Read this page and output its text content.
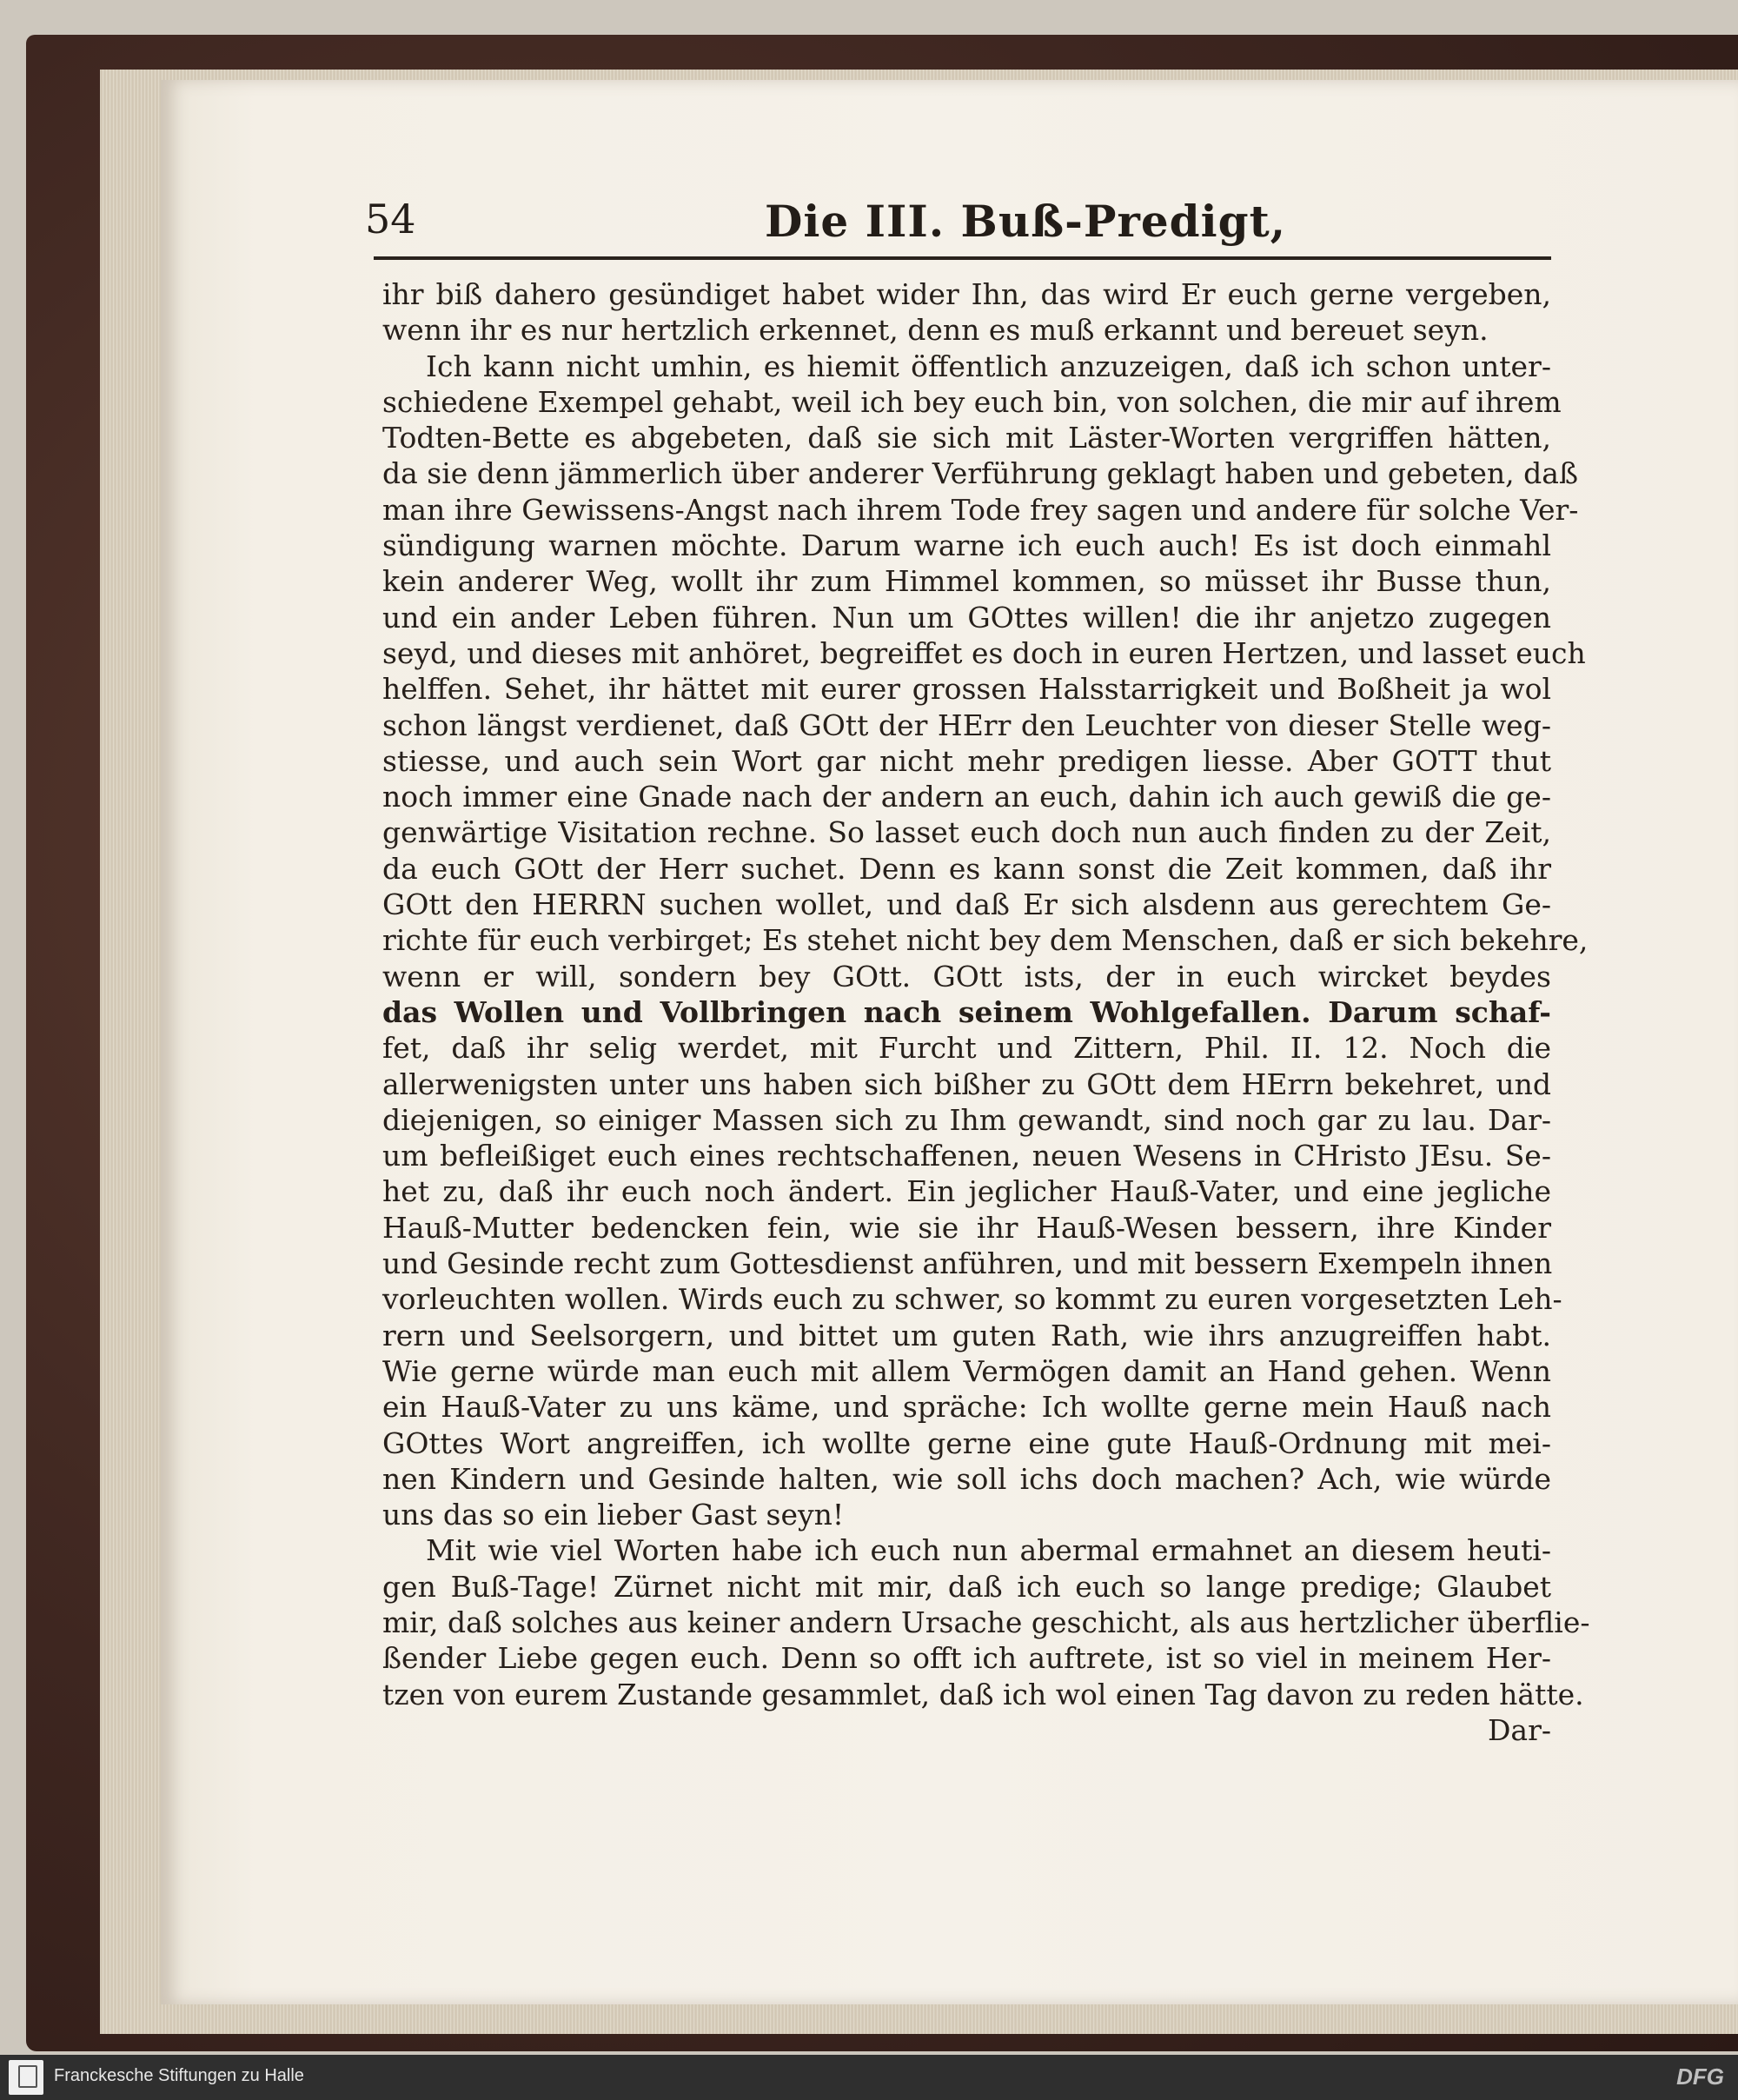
54	Die III. Buß-Predigt,
ihr biß dahero gesündiget habet wider Ihn, das wird Er euch gerne vergeben,
wenn ihr es nur hertzlich erkennet, denn es muß erkannt und bereuet seyn.
Ich kann nicht umhin, es hiemit öffentlich anzuzeigen, daß ich schon unter-
schiedene Exempel gehabt, weil ich bey euch bin, von solchen, die mir auf ihrem
Todten-Bette es abgebeten, daß sie sich mit Läster-Worten vergriffen hätten,
da sie denn jämmerlich über anderer Verführung geklagt haben und gebeten, daß
man ihre Gewissens-Angst nach ihrem Tode frey sagen und andere für solche Ver-
sündigung warnen möchte. Darum warne ich euch auch! Es ist doch einmahl
kein anderer Weg, wollt ihr zum Himmel kommen, so müsset ihr Busse thun,
und ein ander Leben führen. Nun um GOttes willen! die ihr anjetzo zugegen
seyd, und dieses mit anhöret, begreiffet es doch in euren Hertzen, und lasset euch
helffen. Sehet, ihr hättet mit eurer grossen Halsstarrigkeit und Boßheit ja wol
schon längst verdienet, daß GOtt der HErr den Leuchter von dieser Stelle weg-
stiesse, und auch sein Wort gar nicht mehr predigen liesse. Aber GOTT thut
noch immer eine Gnade nach der andern an euch, dahin ich auch gewiß die ge-
genwärtige Visitation rechne. So lasset euch doch nun auch finden zu der Zeit,
da euch GOtt der Herr suchet. Denn es kann sonst die Zeit kommen, daß ihr
GOtt den HERRN suchen wollet, und daß Er sich alsdenn aus gerechtem Ge-
richte für euch verbirget; Es stehet nicht bey dem Menschen, daß er sich bekehre,
wenn er will, sondern bey GOtt. GOtt ists, der in euch wircket beydes
das Wollen und Vollbringen nach seinem Wohlgefallen. Darum schaf-
fet, daß ihr selig werdet, mit Furcht und Zittern, Phil. II. 12. Noch die
allerwenigsten unter uns haben sich bißher zu GOtt dem HErrn bekehret, und
diejenigen, so einiger Massen sich zu Ihm gewandt, sind noch gar zu lau. Dar-
um befleißiget euch eines rechtschaffenen, neuen Wesens in CHristo JEsu. Se-
het zu, daß ihr euch noch ändert. Ein jeglicher Hauß-Vater, und eine jegliche
Hauß-Mutter bedencken fein, wie sie ihr Hauß-Wesen bessern, ihre Kinder
und Gesinde recht zum Gottesdienst anführen, und mit bessern Exempeln ihnen
vorleuchten wollen. Wirds euch zu schwer, so kommt zu euren vorgesetzten Leh-
rern und Seelsorgern, und bittet um guten Rath, wie ihrs anzugreiffen habt.
Wie gerne würde man euch mit allem Vermögen damit an Hand gehen. Wenn
ein Hauß-Vater zu uns käme, und spräche: Ich wollte gerne mein Hauß nach
GOttes Wort angreiffen, ich wollte gerne eine gute Hauß-Ordnung mit mei-
nen Kindern und Gesinde halten, wie soll ichs doch machen? Ach, wie würde
uns das so ein lieber Gast seyn!
Mit wie viel Worten habe ich euch nun abermal ermahnet an diesem heuti-
gen Buß-Tage! Zürnet nicht mit mir, daß ich euch so lange predige; Glaubet
mir, daß solches aus keiner andern Ursache geschicht, als aus hertzlicher überflie-
ßender Liebe gegen euch. Denn so offt ich auftrete, ist so viel in meinem Her-
tzen von eurem Zustande gesammlet, daß ich wol einen Tag davon zu reden hätte.
Dar-
Franckesche Stiftungen zu Halle	DFG
